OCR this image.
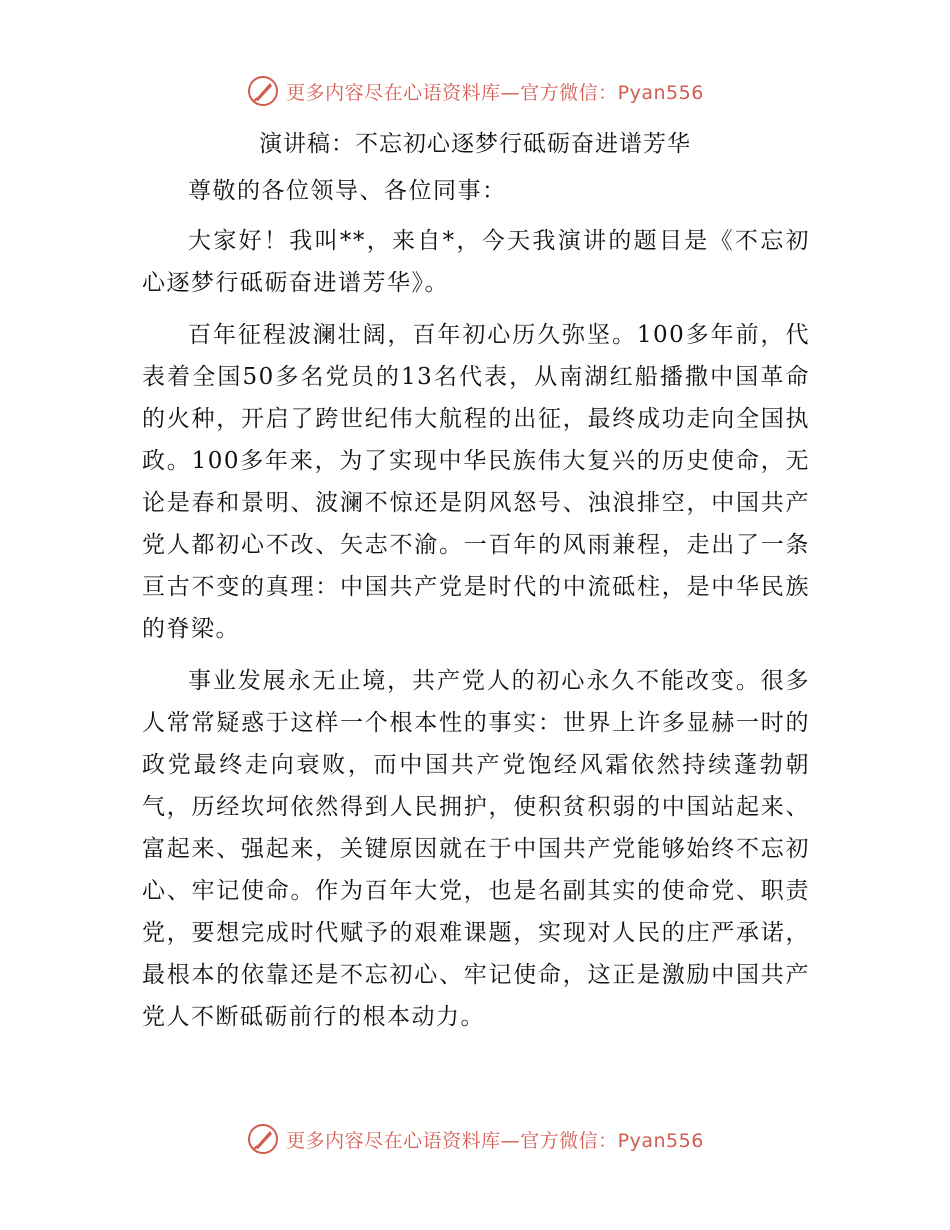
更多内容尽在心语资料库—官方微信：Pyan556
演讲稿：不忘初心逐梦行砥砺奋进谱芳华

尊敬的各位领导、各位同事：

大家好！我叫**，来自*，今天我演讲的题目是《不忘初心逐梦行砥砺奋进谱芳华》。

百年征程波澜壮阔，百年初心历久弥坚。100多年前，代表着全国50多名党员的13名代表，从南湖红船播撒中国革命的火种，开启了跨世纪伟大航程的出征，最终成功走向全国执政。100多年来，为了实现中华民族伟大复兴的历史使命，无论是春和景明、波澜不惊还是阴风怒号、浊浪排空，中国共产党人都初心不改、矢志不渝。一百年的风雨兼程，走出了一条亘古不变的真理：中国共产党是时代的中流砥柱，是中华民族的脊梁。

事业发展永无止境，共产党人的初心永久不能改变。很多人常常疑惑于这样一个根本性的事实：世界上许多显赫一时的政党最终走向衰败，而中国共产党饱经风霜依然持续蓬勃朝气，历经坎坷依然得到人民拥护，使积贫积弱的中国站起来、富起来、强起来，关键原因就在于中国共产党能够始终不忘初心、牢记使命。作为百年大党，也是名副其实的使命党、职责党，要想完成时代赋予的艰难课题，实现对人民的庄严承诺，最根本的依靠还是不忘初心、牢记使命，这正是激励中国共产党人不断砥砺前行的根本动力。

更多内容尽在心语资料库—官方微信：Pyan556
